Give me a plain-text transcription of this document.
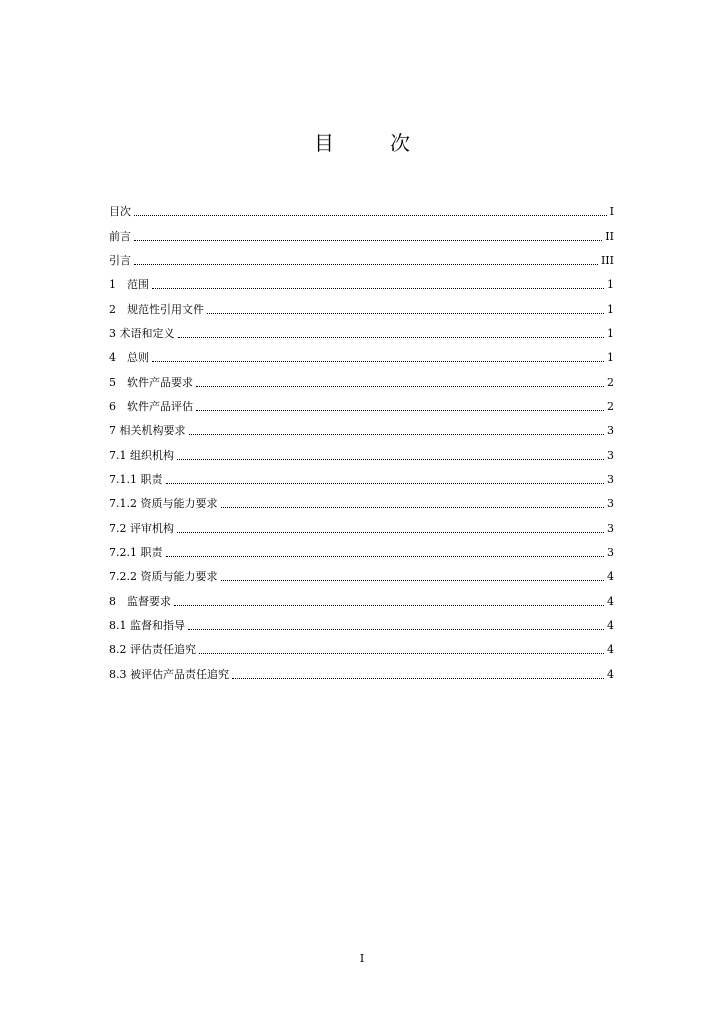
目　次
目次	I
前言	II
引言	III
1　范围	1
2　规范性引用文件	1
3 术语和定义	1
4　总则	1
5　软件产品要求	2
6　软件产品评估	2
7 相关机构要求	3
7.1 组织机构	3
7.1.1 职责	3
7.1.2 资质与能力要求	3
7.2 评审机构	3
7.2.1 职责	3
7.2.2 资质与能力要求	4
8　监督要求	4
8.1 监督和指导	4
8.2 评估责任追究	4
8.3 被评估产品责任追究	4
I
